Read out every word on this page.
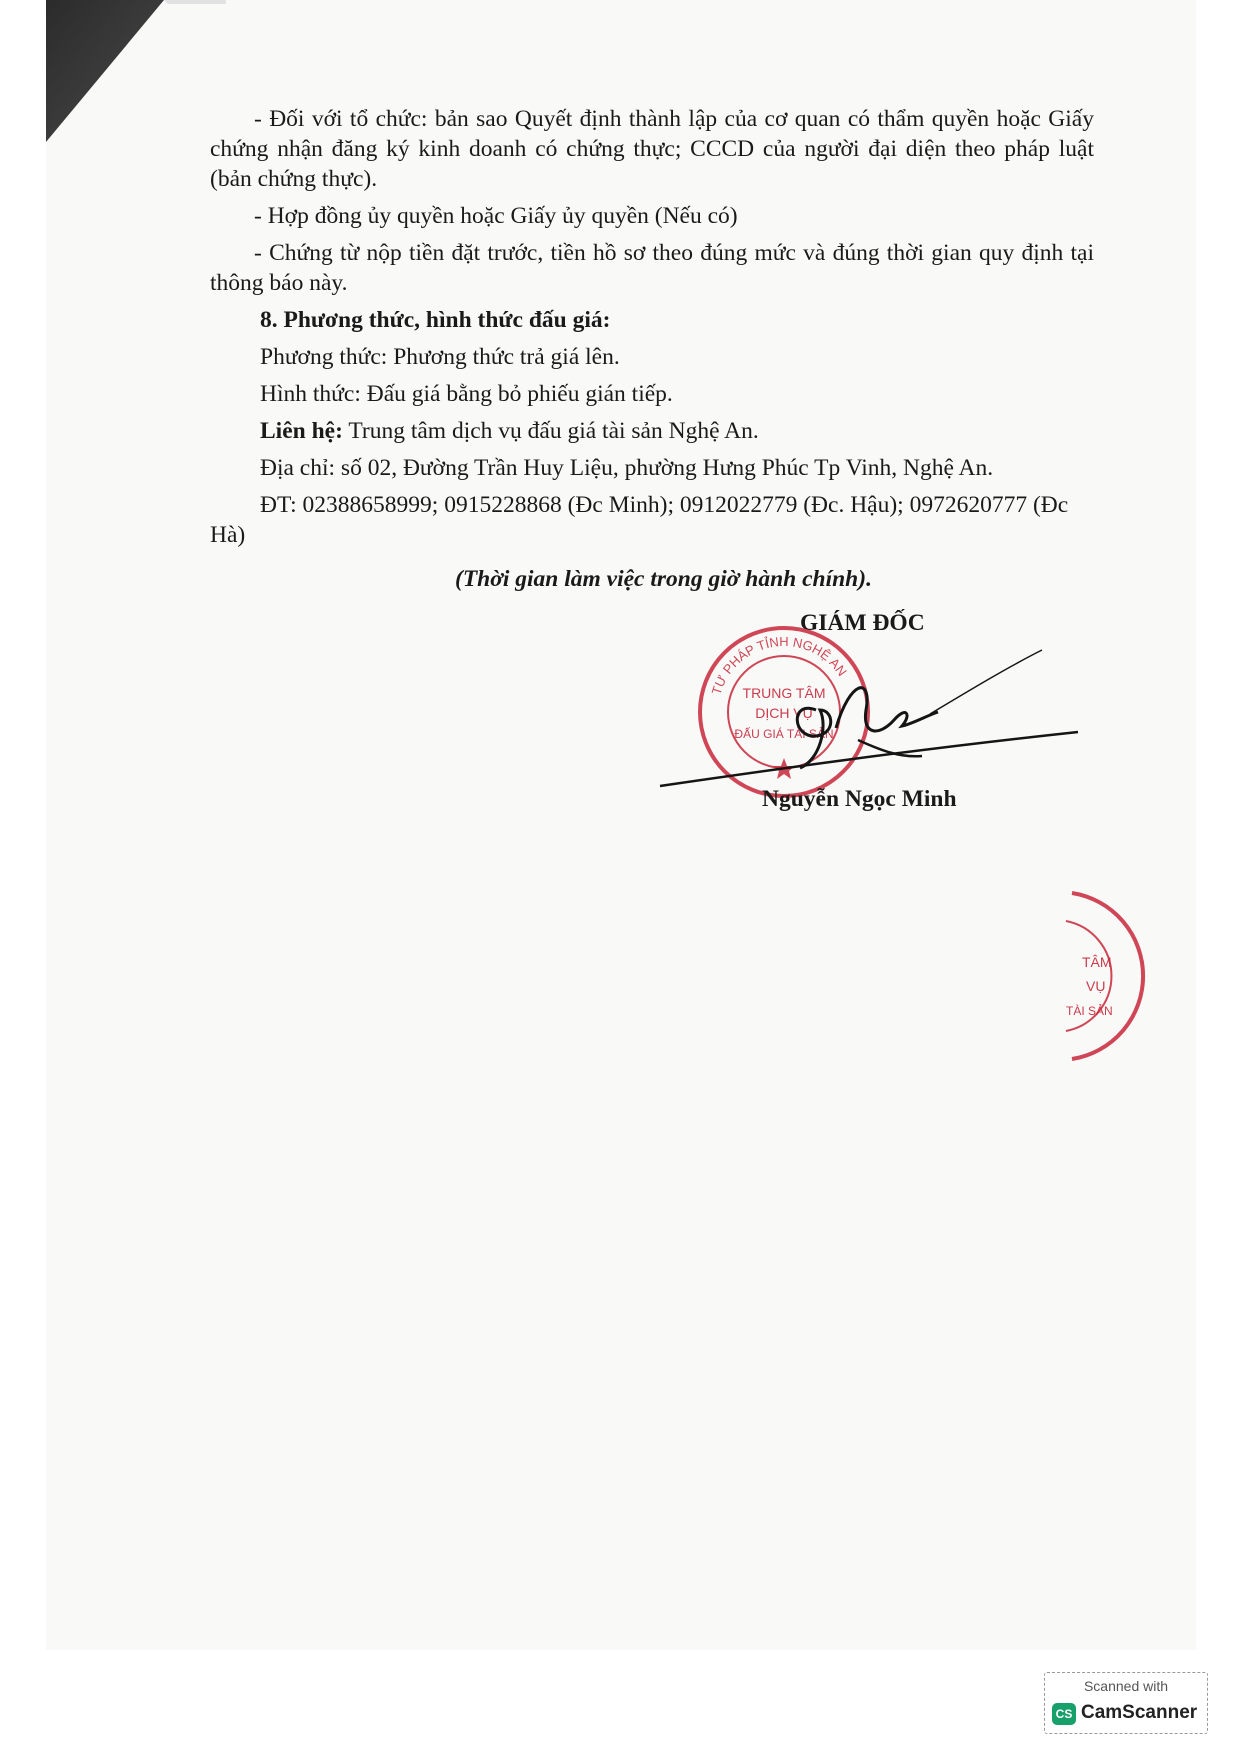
- Đối với tổ chức: bản sao Quyết định thành lập của cơ quan có thẩm quyền hoặc Giấy chứng nhận đăng ký kinh doanh có chứng thực; CCCD của người đại diện theo pháp luật (bản chứng thực).

- Hợp đồng ủy quyền hoặc Giấy ủy quyền (Nếu có)

- Chứng từ nộp tiền đặt trước, tiền hồ sơ theo đúng mức và đúng thời gian quy định tại thông báo này.

8. Phương thức, hình thức đấu giá:

Phương thức: Phương thức trả giá lên.

Hình thức: Đấu giá bằng bỏ phiếu gián tiếp.

Liên hệ: Trung tâm dịch vụ đấu giá tài sản Nghệ An.

Địa chỉ: số 02, Đường Trần Huy Liệu, phường Hưng Phúc Tp Vinh, Nghệ An.

ĐT: 02388658999; 0915228868 (Đc Minh); 0912022779 (Đc. Hậu); 0972620777 (Đc Hà)

(Thời gian làm việc trong giờ hành chính).
GIÁM ĐỐC
TƯ PHÁP TỈNH NGHỆ AN
TRUNG TÂM
DỊCH VỤ
ĐẤU GIÁ TÀI SẢN
Nguyễn Ngọc Minh
TÂM
VỤ
TÀI SẢN
Scanned with
CS CamScanner
